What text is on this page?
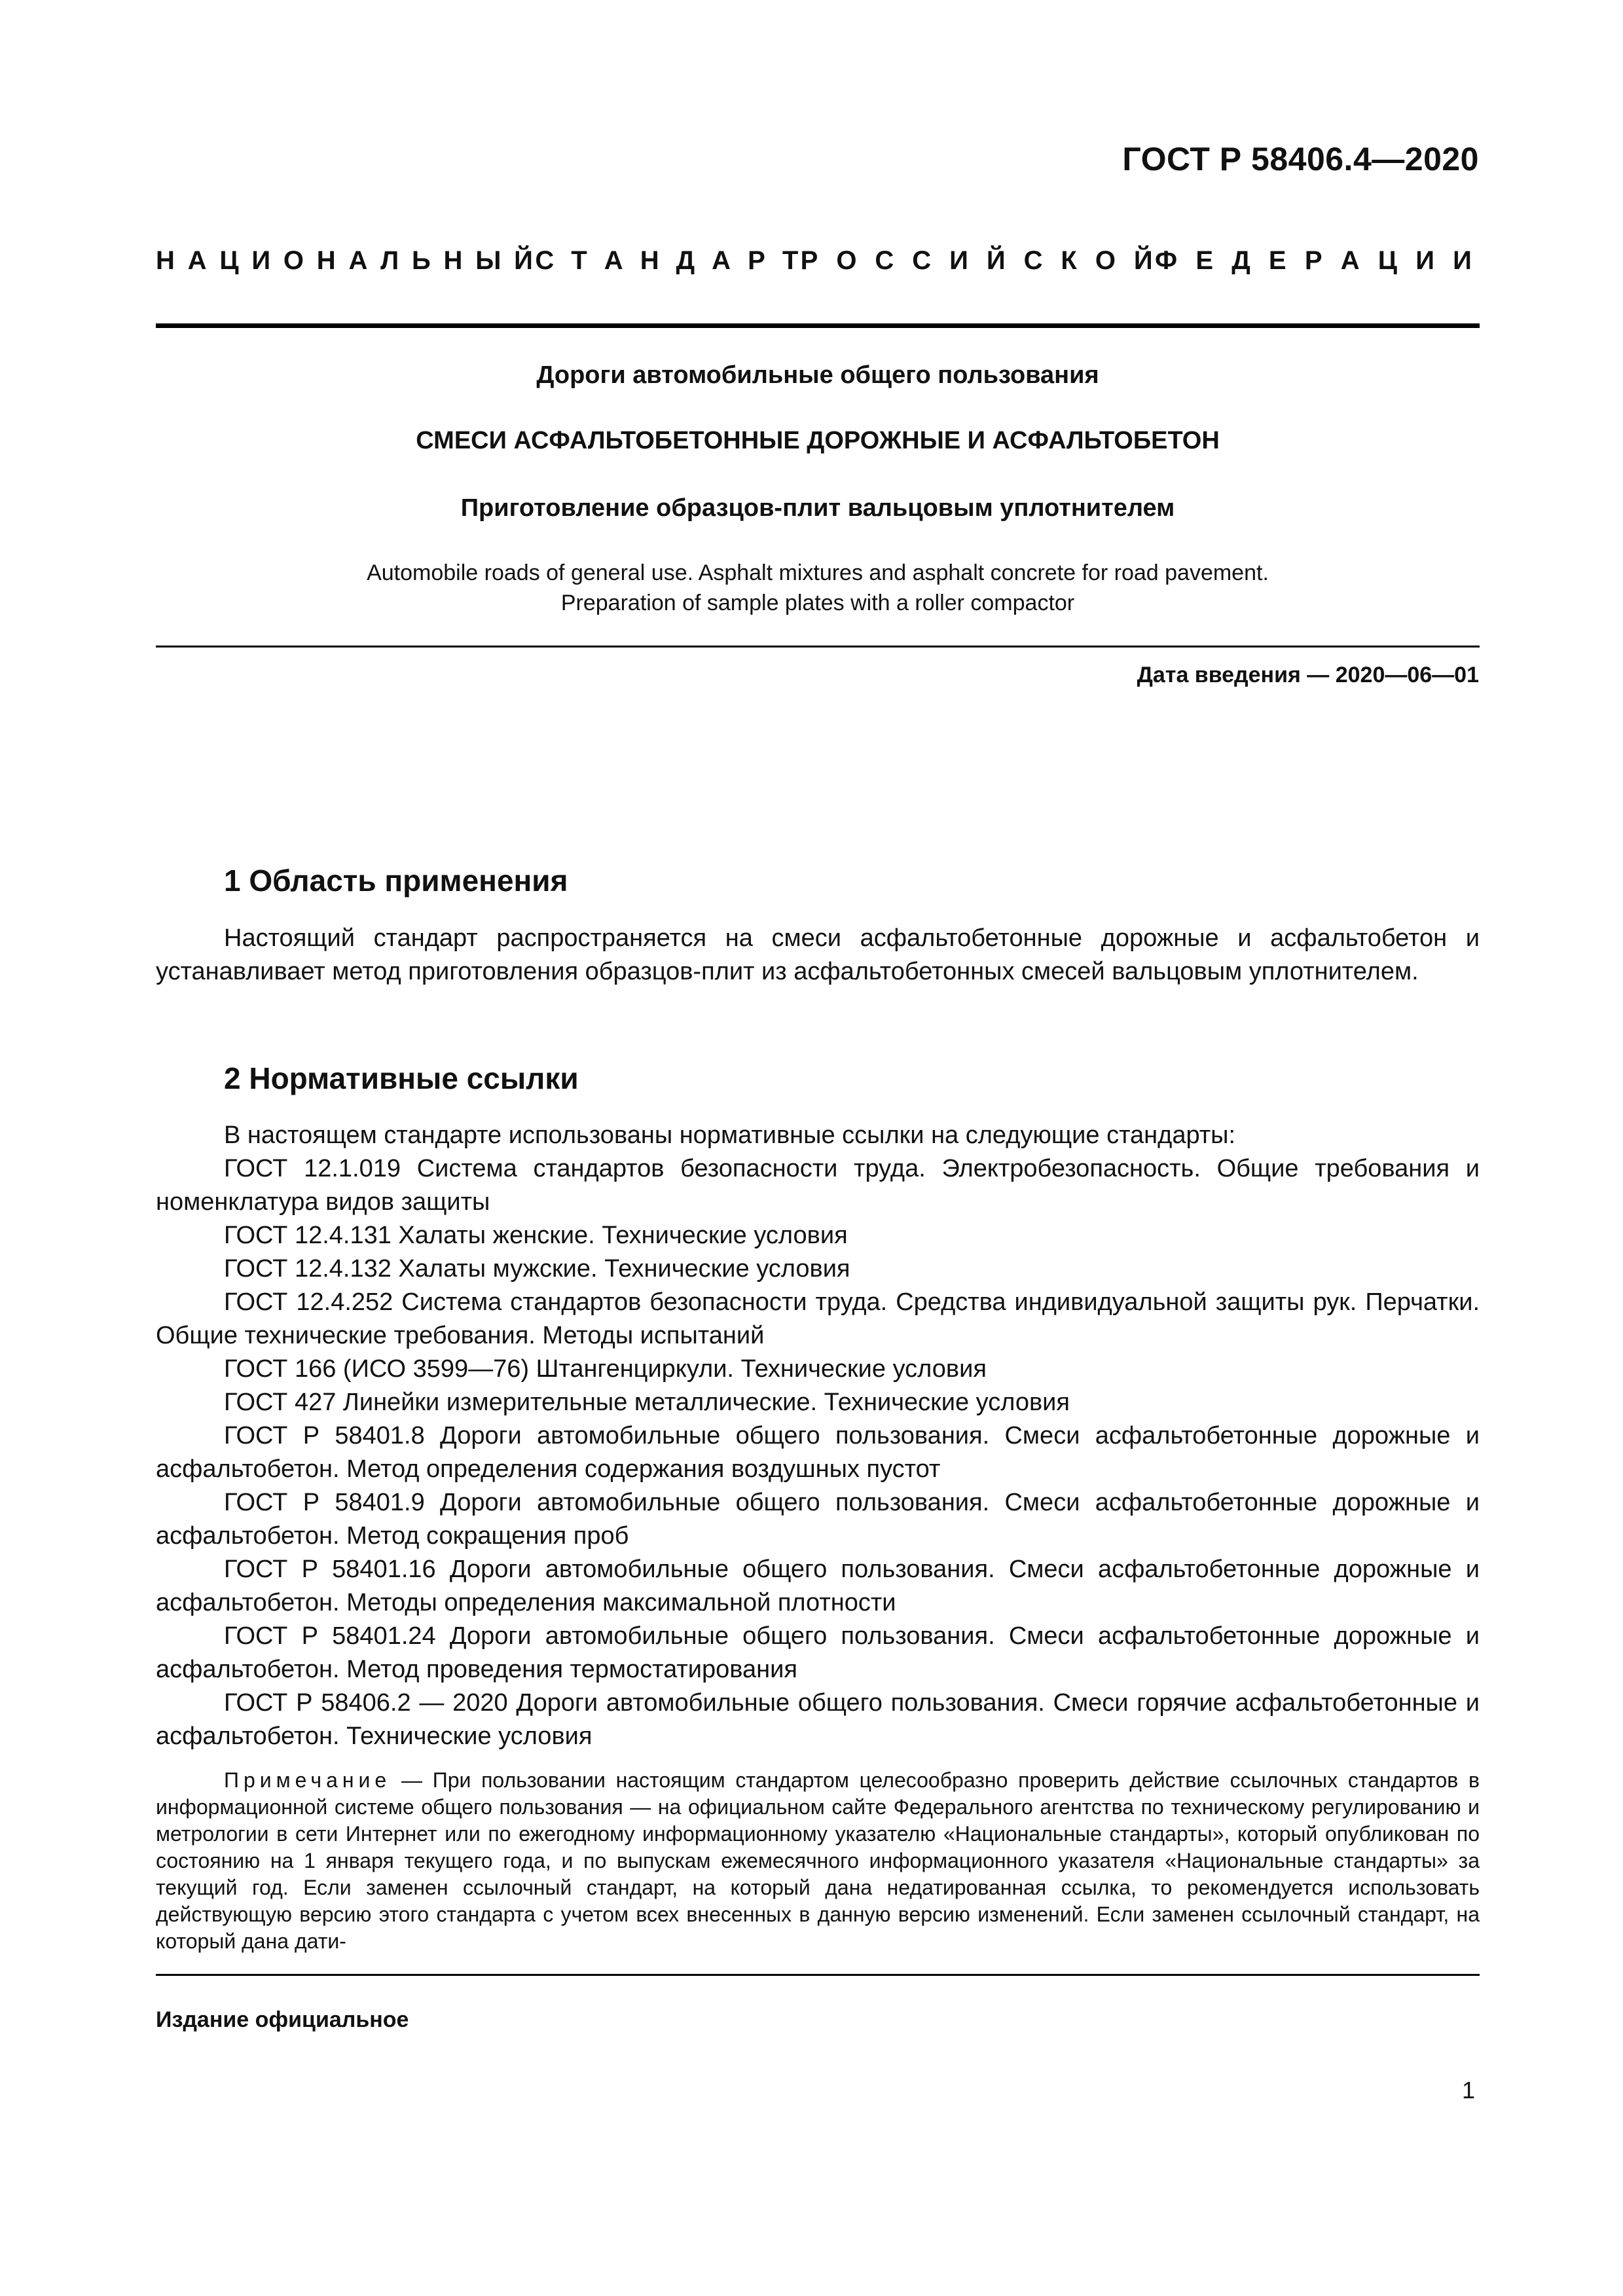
ГОСТ Р 58406.4—2020
Н А Ц И О Н А Л Ь Н Ы Й С Т А Н Д А Р Т Р О С С И Й С К О Й Ф Е Д Е Р А Ц И И
Дороги автомобильные общего пользования
СМЕСИ АСФАЛЬТОБЕТОННЫЕ ДОРОЖНЫЕ И АСФАЛЬТОБЕТОН
Приготовление образцов-плит вальцовым уплотнителем
Automobile roads of general use. Asphalt mixtures and asphalt concrete for road pavement.
Preparation of sample plates with a roller compactor
Дата введения — 2020—06—01
1 Область применения

Настоящий стандарт распространяется на смеси асфальтобетонные дорожные и асфальтобетон и устанавливает метод приготовления образцов-плит из асфальтобетонных смесей вальцовым уплотнителем.

2 Нормативные ссылки

В настоящем стандарте использованы нормативные ссылки на следующие стандарты:

ГОСТ 12.1.019 Система стандартов безопасности труда. Электробезопасность. Общие требования и номенклатура видов защиты

ГОСТ 12.4.131 Халаты женские. Технические условия

ГОСТ 12.4.132 Халаты мужские. Технические условия

ГОСТ 12.4.252 Система стандартов безопасности труда. Средства индивидуальной защиты рук. Перчатки. Общие технические требования. Методы испытаний

ГОСТ 166 (ИСО 3599—76) Штангенциркули. Технические условия

ГОСТ 427 Линейки измерительные металлические. Технические условия

ГОСТ Р 58401.8 Дороги автомобильные общего пользования. Смеси асфальтобетонные дорожные и асфальтобетон. Метод определения содержания воздушных пустот

ГОСТ Р 58401.9 Дороги автомобильные общего пользования. Смеси асфальтобетонные дорожные и асфальтобетон. Метод сокращения проб

ГОСТ Р 58401.16 Дороги автомобильные общего пользования. Смеси асфальтобетонные дорожные и асфальтобетон. Методы определения максимальной плотности

ГОСТ Р 58401.24 Дороги автомобильные общего пользования. Смеси асфальтобетонные дорожные и асфальтобетон. Метод проведения термостатирования

ГОСТ Р 58406.2 — 2020 Дороги автомобильные общего пользования. Смеси горячие асфальтобетонные и асфальтобетон. Технические условия

Примечание — При пользовании настоящим стандартом целесообразно проверить действие ссылочных стандартов в информационной системе общего пользования — на официальном сайте Федерального агентства по техническому регулированию и метрологии в сети Интернет или по ежегодному информационному указателю «Национальные стандарты», который опубликован по состоянию на 1 января текущего года, и по выпускам ежемесячного информационного указателя «Национальные стандарты» за текущий год. Если заменен ссылочный стандарт, на который дана недатированная ссылка, то рекомендуется использовать действующую версию этого стандарта с учетом всех внесенных в данную версию изменений. Если заменен ссылочный стандарт, на который дана дати-

Издание официальное
1
